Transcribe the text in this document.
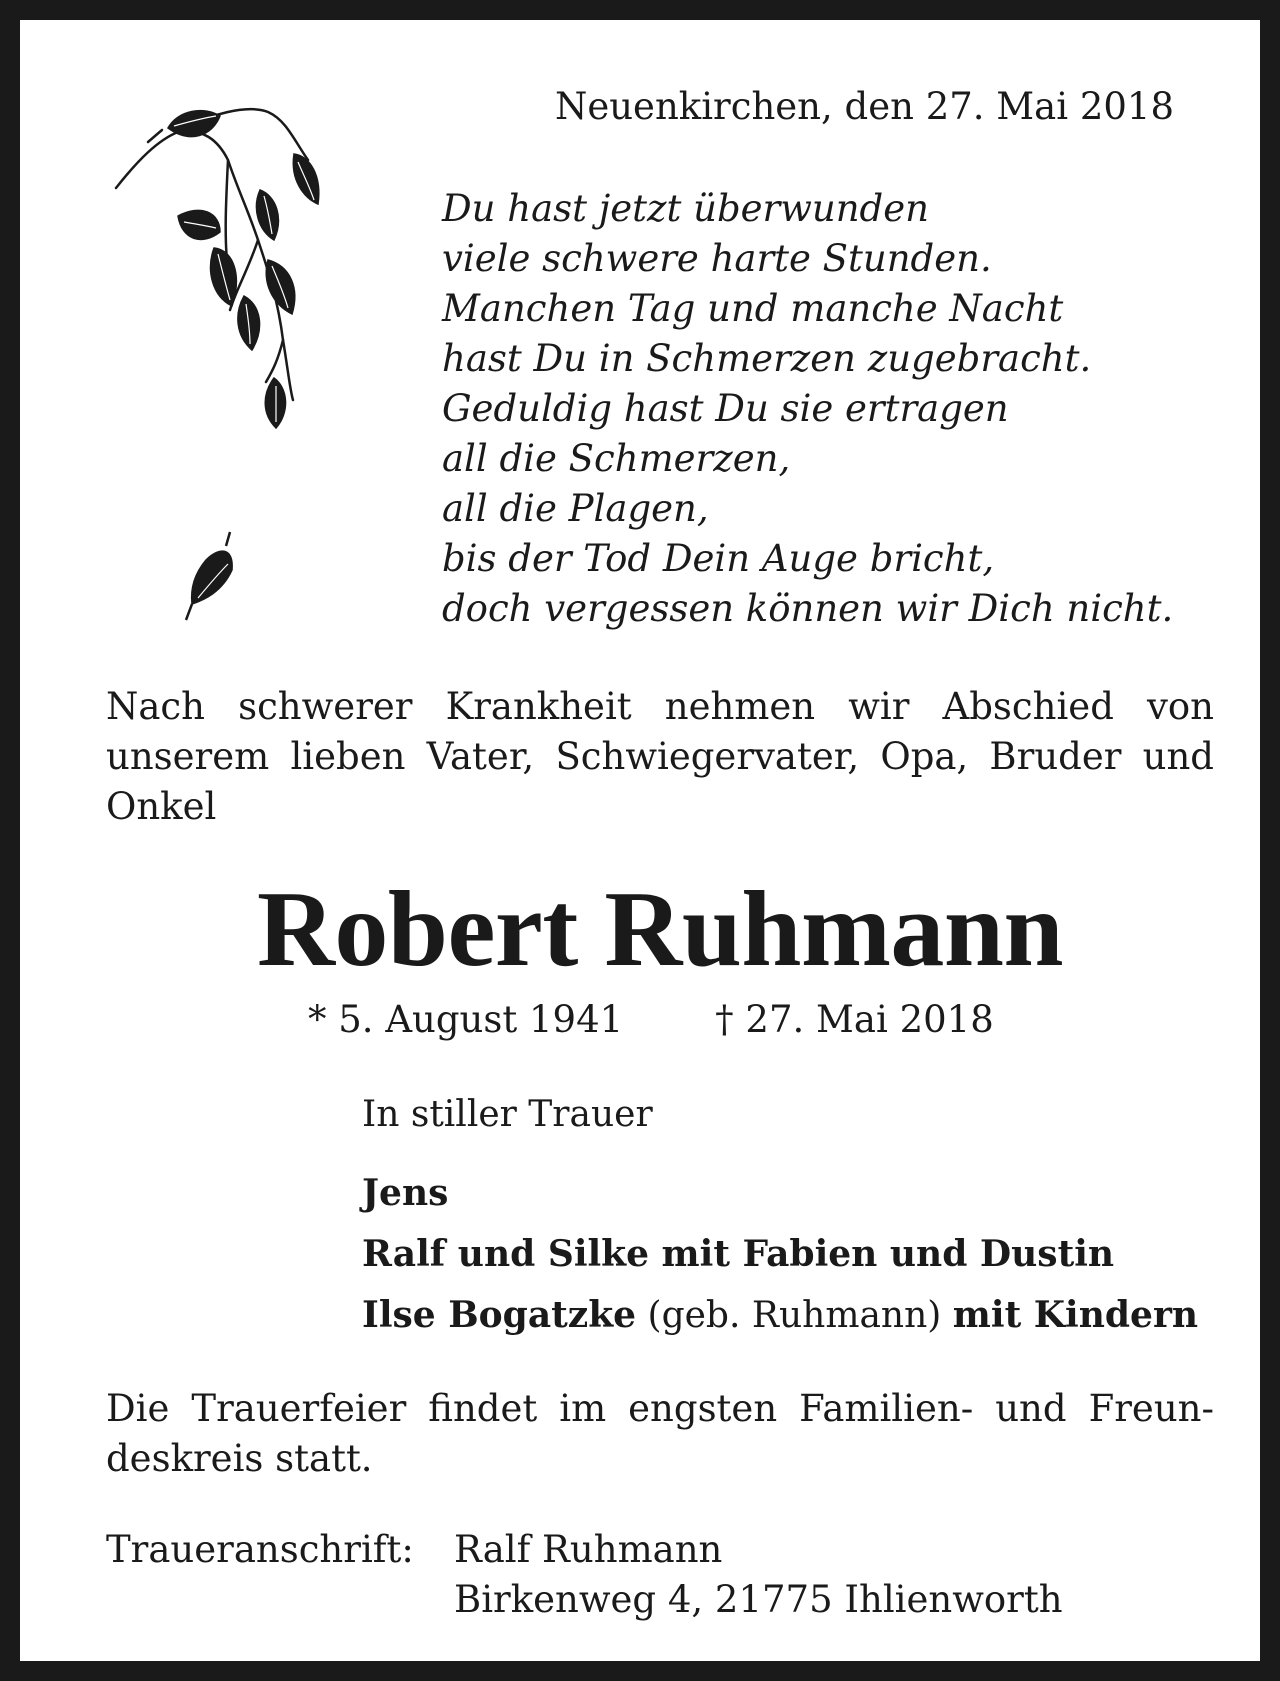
Neuenkirchen, den 27. Mai 2018
Du hast jetzt überwunden
viele schwere harte Stunden.
Manchen Tag und manche Nacht
hast Du in Schmerzen zugebracht.
Geduldig hast Du sie ertragen
all die Schmerzen,
all die Plagen,
bis der Tod Dein Auge bricht,
doch vergessen können wir Dich nicht.
Nach schwerer Krankheit nehmen wir Abschied von
unserem lieben Vater, Schwiegervater, Opa, Bruder und
Onkel
Robert Ruhmann
* 5. August 1941 † 27. Mai 2018
In stiller Trauer
Jens
Ralf und Silke mit Fabien und Dustin
Ilse Bogatzke (geb. Ruhmann) mit Kindern
Die Trauerfeier findet im engsten Familien- und Freun-
deskreis statt.
Traueranschrift: Ralf Ruhmann
Birkenweg 4, 21775 Ihlienworth
